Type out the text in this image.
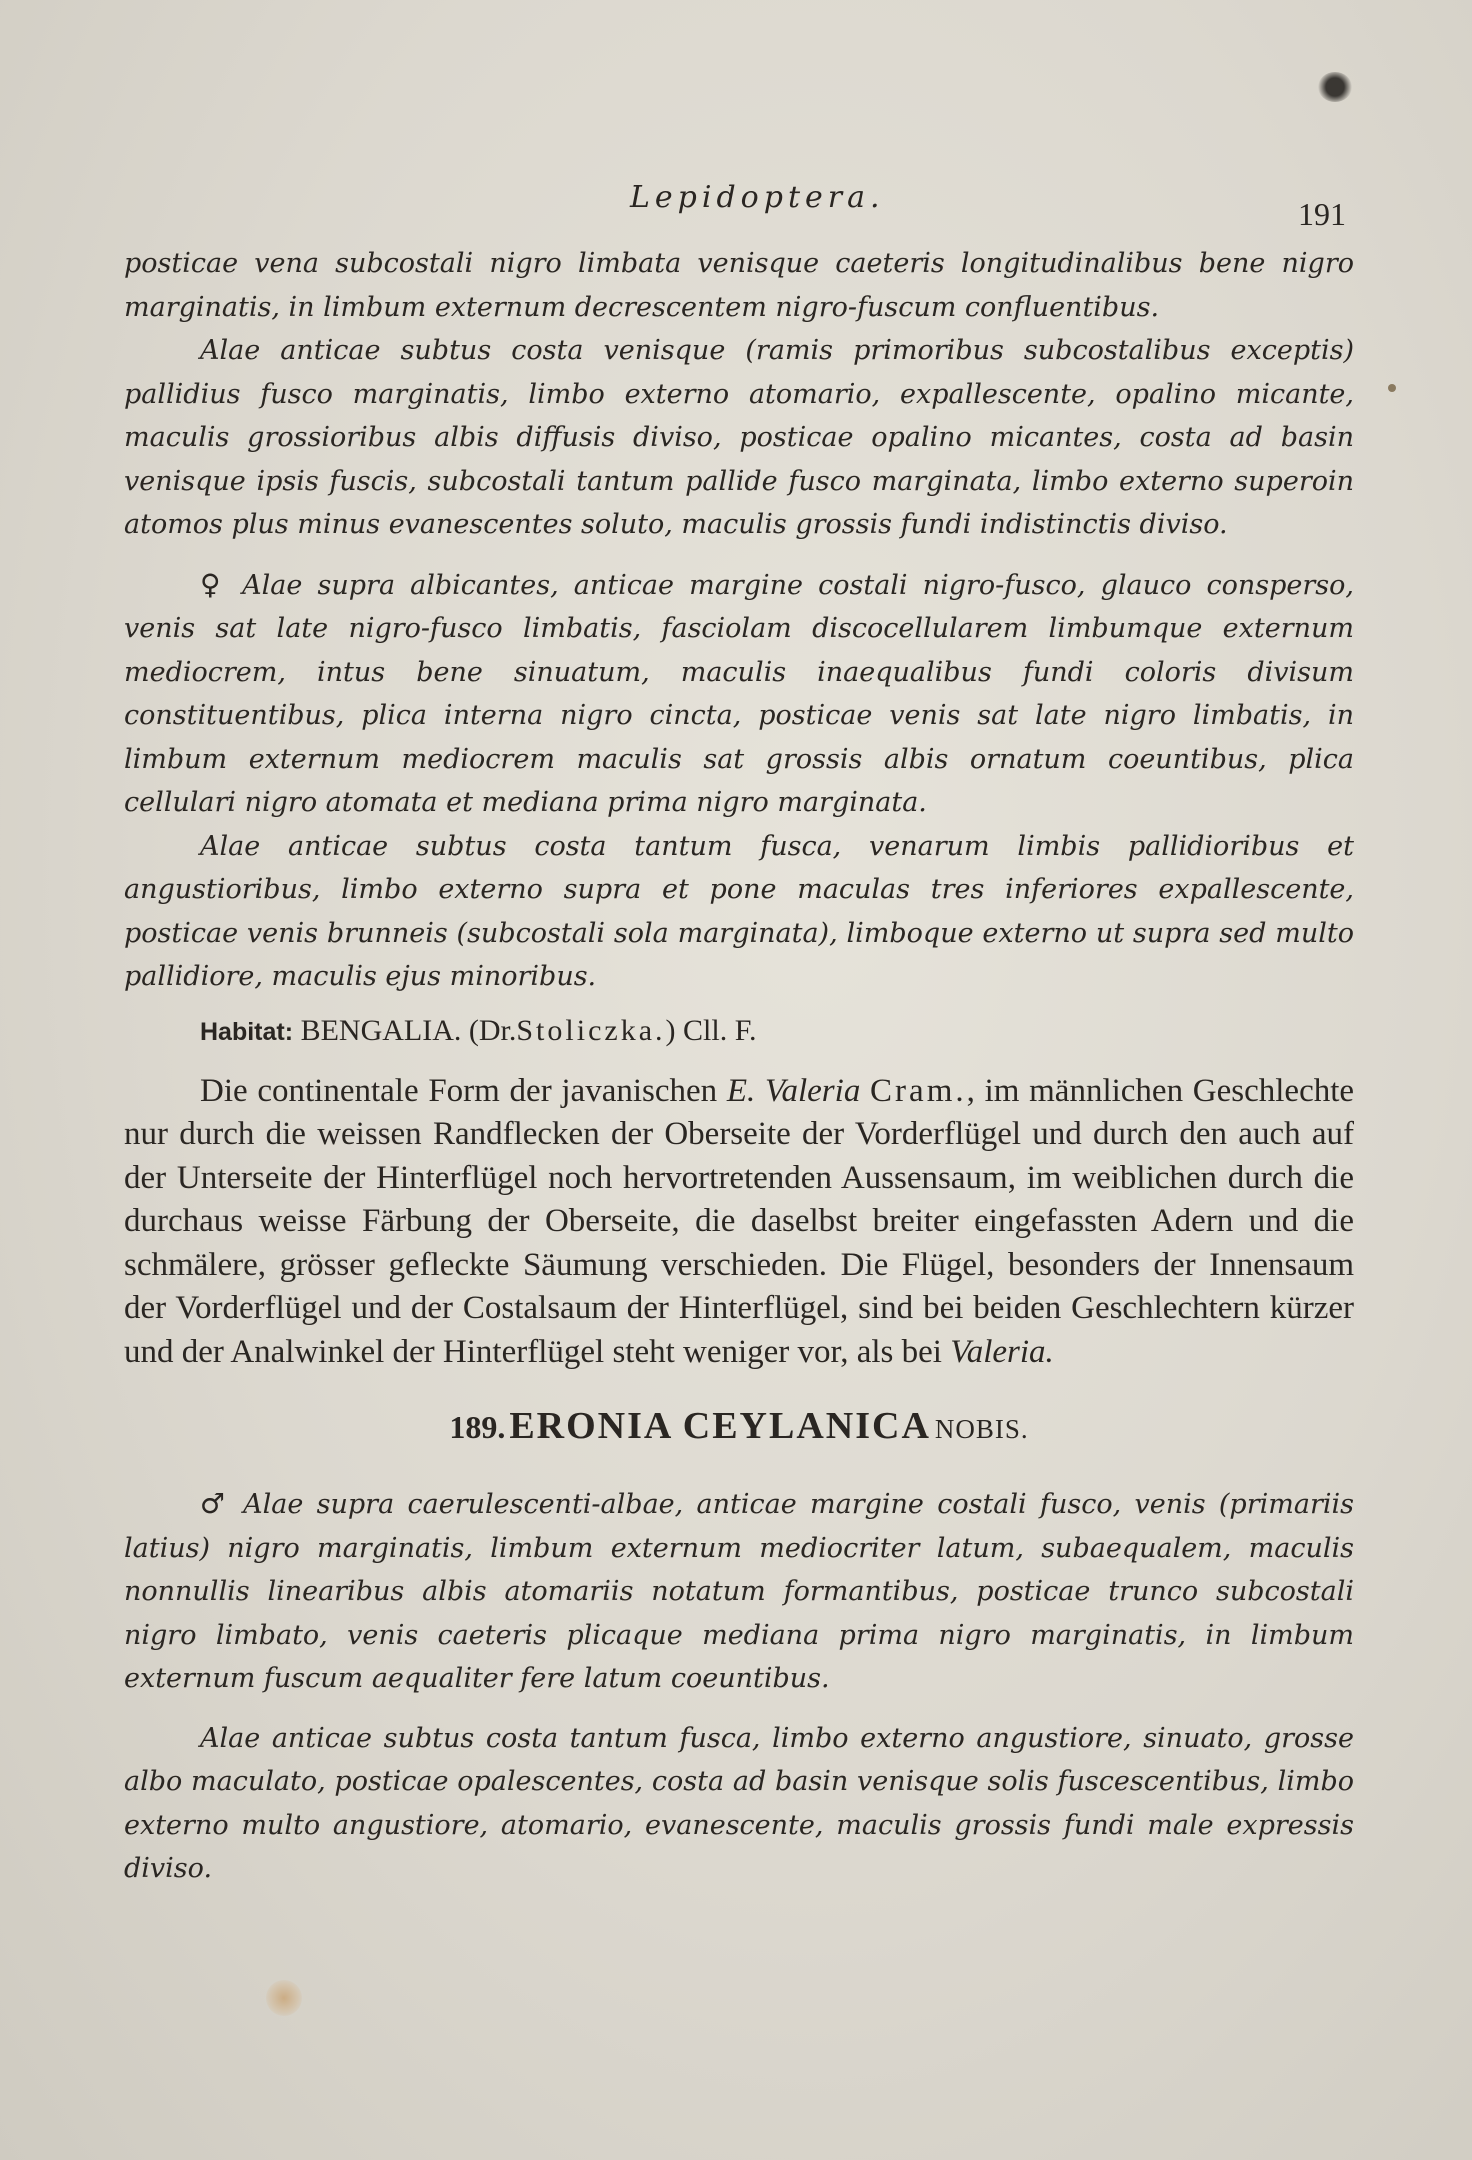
Lepidoptera.	191

posticae vena subcostali nigro limbata venisque caeteris longitudinalibus bene nigro marginatis, in limbum externum decrescentem nigro-fuscum confluentibus.

Alae anticae subtus costa venisque (ramis primoribus subcostalibus exceptis) pallidius fusco marginatis, limbo externo atomario, expallescente, opalino micante, maculis grossioribus albis diffusis diviso, posticae opalino micantes, costa ad basin venisque ipsis fuscis, subcostali tantum pallide fusco marginata, limbo externo superoin atomos plus minus evanescentes soluto, maculis grossis fundi indistinctis diviso.

♀ Alae supra albicantes, anticae margine costali nigro-fusco, glauco conspersο, venis sat late nigro-fusco limbatis, fasciolam discocellularem limbumque externum mediocrem, intus bene sinuatum, maculis inaequalibus fundi coloris divisum constituentibus, plica interna nigro cincta, posticae venis sat late nigro limbatis, in limbum externum mediocrem maculis sat grossis albis ornatum coeuntibus, plica cellulari nigro atomata et mediana prima nigro marginata.

Alae anticae subtus costa tantum fusca, venarum limbis pallidioribus et angustioribus, limbo externo supra et pone maculas tres inferiores expallescente, posticae venis brunneis (subcostali sola marginata), limboque externo ut supra sed multo pallidiore, maculis ejus minoribus.

Habitat: BENGALIA. (Dr.Stoliczka.) Cll. F.

Die continentale Form der javanischen E. Valeria Cram., im männlichen Geschlechte nur durch die weissen Randflecken der Oberseite der Vorderflügel und durch den auch auf der Unterseite der Hinterflügel noch hervortretenden Aussensaum, im weiblichen durch die durchaus weisse Färbung der Oberseite, die daselbst breiter eingefassten Adern und die schmälere, grösser gefleckte Säumung verschieden. Die Flügel, besonders der Innensaum der Vorderflügel und der Costalsaum der Hinterflügel, sind bei beiden Geschlechtern kürzer und der Analwinkel der Hinterflügel steht weniger vor, als bei Valeria.

189. ERONIA CEYLANICA NOBIS.

♂ Alae supra caerulescenti-albae, anticae margine costali fusco, venis (primariis latius) nigro marginatis, limbum externum mediocriter latum, subaequalem, maculis nonnullis linearibus albis atomariis notatum formantibus, posticae trunco subcostali nigro limbato, venis caeteris plicaque mediana prima nigro marginatis, in limbum externum fuscum aequaliter fere latum coeuntibus.

Alae anticae subtus costa tantum fusca, limbo externo angustiore, sinuato, grosse albo maculato, posticae opalescentes, costa ad basin venisque solis fuscescentibus, limbo externo multo angustiore, atomario, evanescente, maculis grossis fundi male expressis diviso.
